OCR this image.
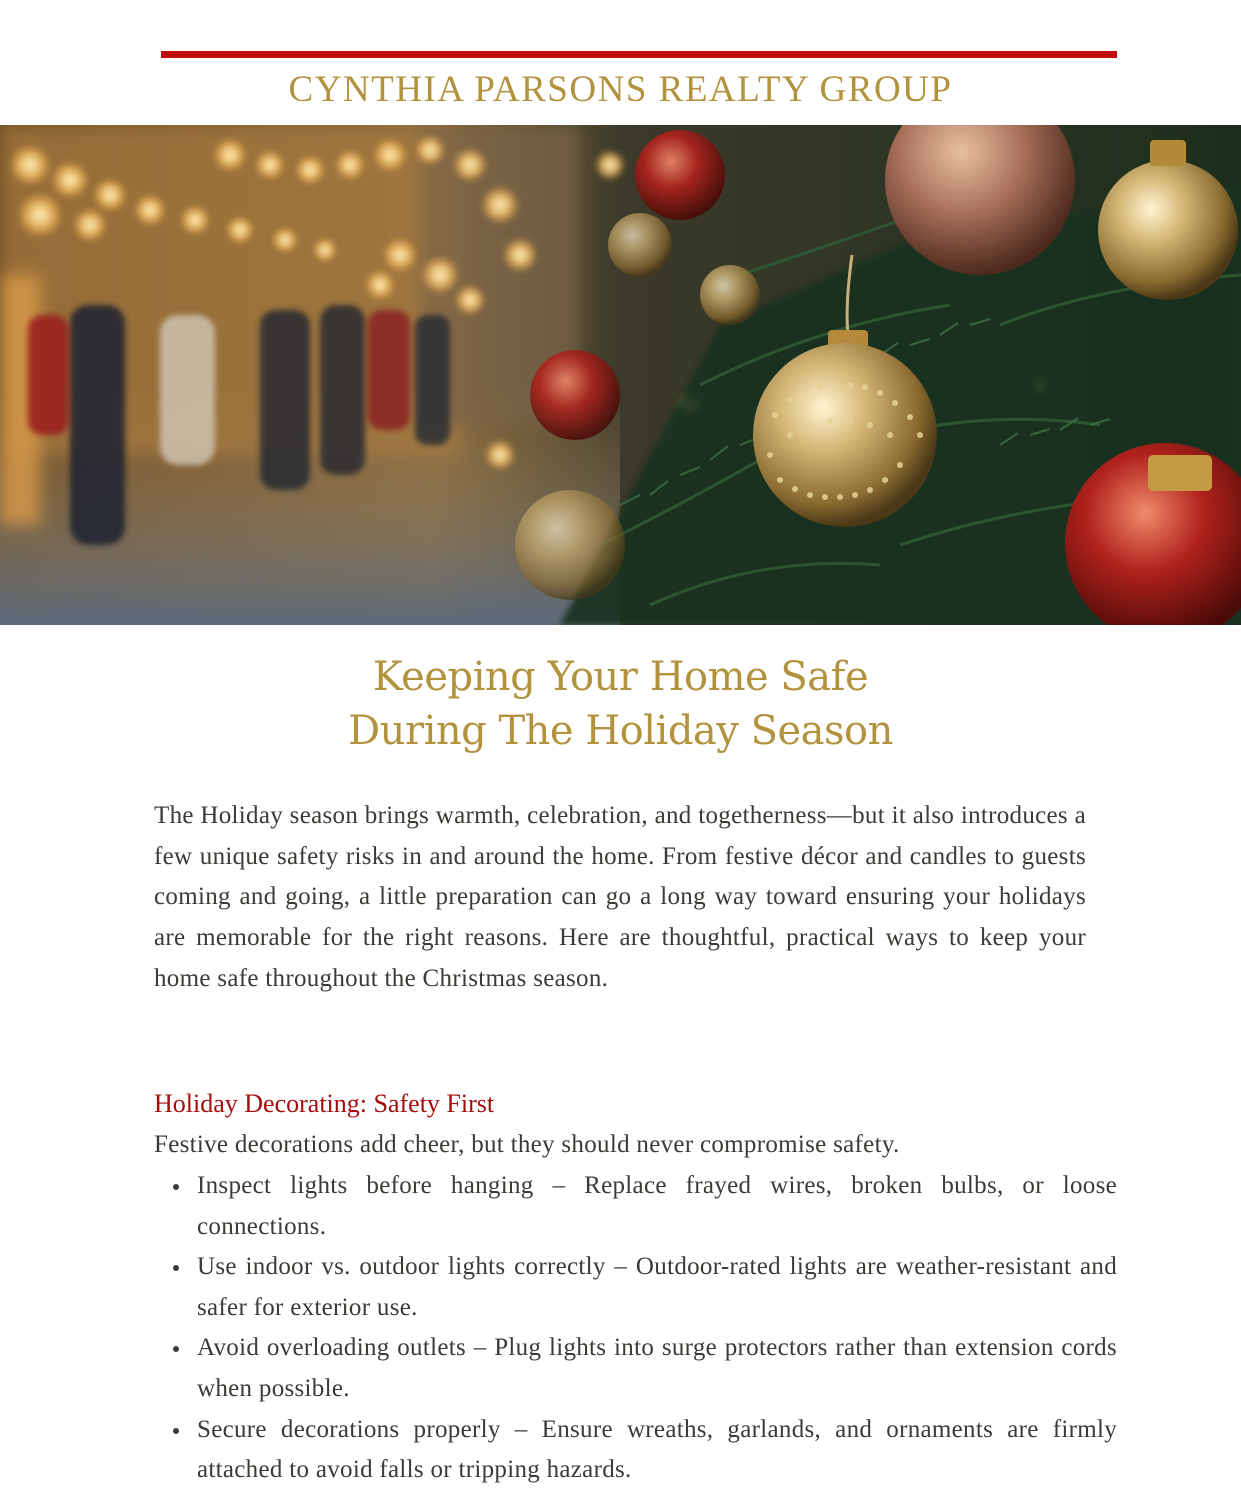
CYNTHIA PARSONS REALTY GROUP
Keeping Your Home Safe
During The Holiday Season

The Holiday season brings warmth, celebration, and togetherness—but it also introduces a few unique safety risks in and around the home. From festive décor and candles to guests coming and going, a little preparation can go a long way toward ensuring your holidays are memorable for the right reasons. Here are thoughtful, practical ways to keep your home safe throughout the Christmas season.

Holiday Decorating: Safety First
Festive decorations add cheer, but they should never compromise safety.
Inspect lights before hanging – Replace frayed wires, broken bulbs, or loose connections.
Use indoor vs. outdoor lights correctly – Outdoor-rated lights are weather-resistant and safer for exterior use.
Avoid overloading outlets – Plug lights into surge protectors rather than extension cords when possible.
Secure decorations properly – Ensure wreaths, garlands, and ornaments are firmly attached to avoid falls or tripping hazards.
